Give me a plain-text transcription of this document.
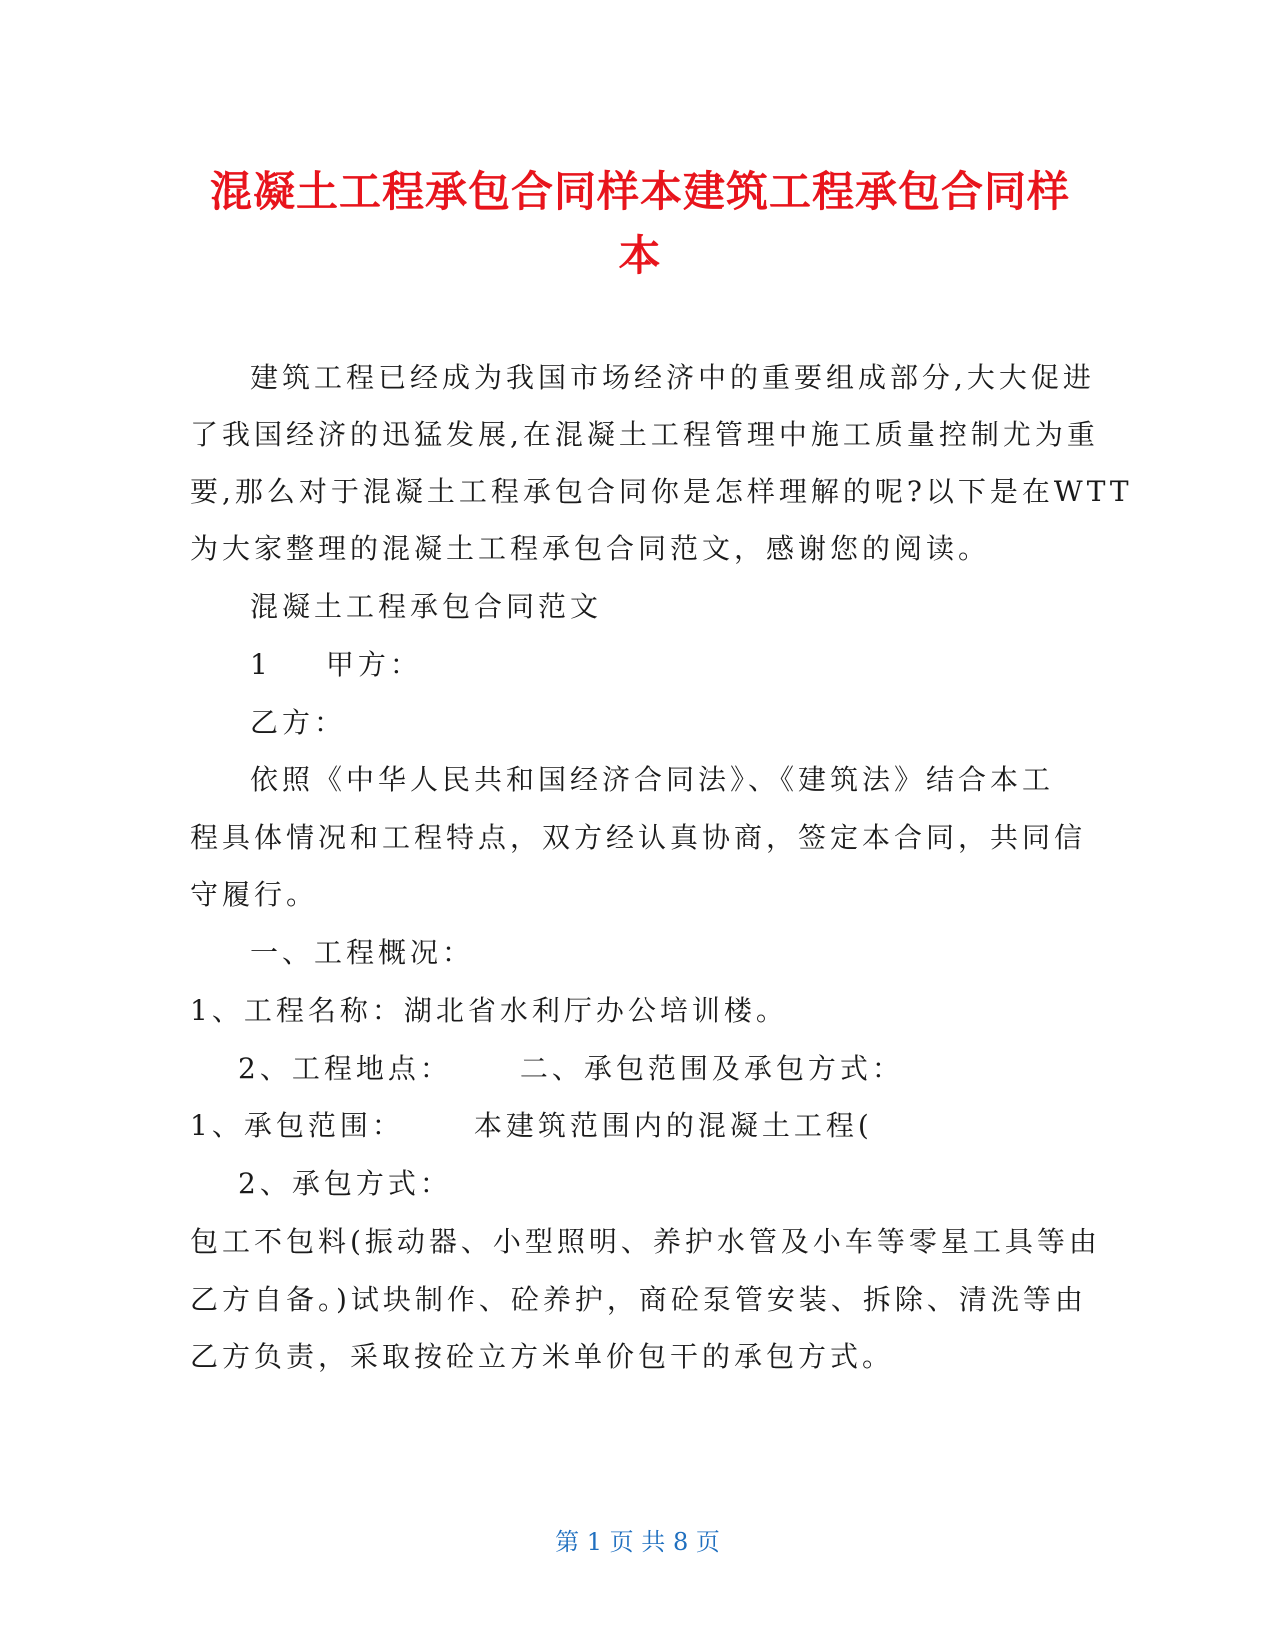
混凝土工程承包合同样本建筑工程承包合同样
本
建筑工程已经成为我国市场经济中的重要组成部分,大大促进
了我国经济的迅猛发展,在混凝土工程管理中施工质量控制尤为重
要,那么对于混凝土工程承包合同你是怎样理解的呢?以下是在WTT
为大家整理的混凝土工程承包合同范文，感谢您的阅读。
混凝土工程承包合同范文
1 甲方：
乙方：
依照《中华人民共和国经济合同法》、《建筑法》结合本工
程具体情况和工程特点，双方经认真协商，签定本合同，共同信
守履行。
一、工程概况：
1、工程名称：湖北省水利厅办公培训楼。
2、工程地点： 二、承包范围及承包方式：
1、承包范围：	本建筑范围内的混凝土工程(
2、承包方式：
包工不包料(振动器、小型照明、养护水管及小车等零星工具等由
乙方自备。)试块制作、砼养护，商砼泵管安装、拆除、清洗等由
乙方负责，采取按砼立方米单价包干的承包方式。
第 1 页 共 8 页
